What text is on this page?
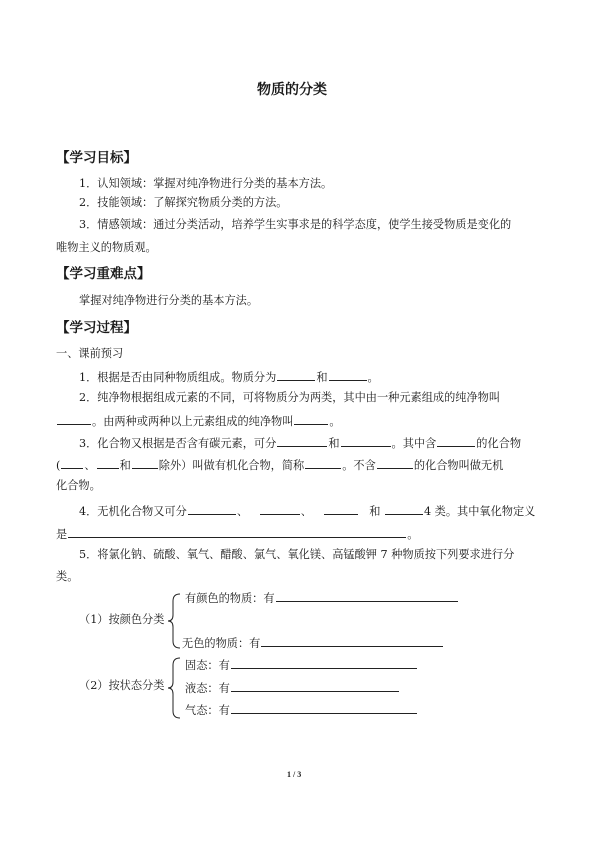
物质的分类
【学习目标】
1．认知领域：掌握对纯净物进行分类的基本方法。
2．技能领域：了解探究物质分类的方法。
3．情感领域：通过分类活动，培养学生实事求是的科学态度，使学生接受物质是变化的
唯物主义的物质观。
【学习重难点】
掌握对纯净物进行分类的基本方法。
【学习过程】
一、课前预习
1．根据是否由同种物质组成。物质分为	和	。
2．纯净物根据组成元素的不同，可将物质分为两类，其中由一种元素组成的纯净物叫
。由两种或两种以上元素组成的纯净物叫	。
3．化合物又根据是否含有碳元素，可分	和	。其中含	的化合物
( 、 和	除外）叫做有机化合物，简称	。不含	的化合物叫做无机
化合物。
4．无机化合物又可分	、	、	和	4 类。其中氧化物定义
是	。
5．将氯化钠、硫酸、氧气、醋酸、氯气、氧化镁、高锰酸钾 7 种物质按下列要求进行分
类。
（1）按颜色分类
有颜色的物质：有
无色的物质：有
（2）按状态分类
固态：有
液态：有
气态：有
1 / 3
